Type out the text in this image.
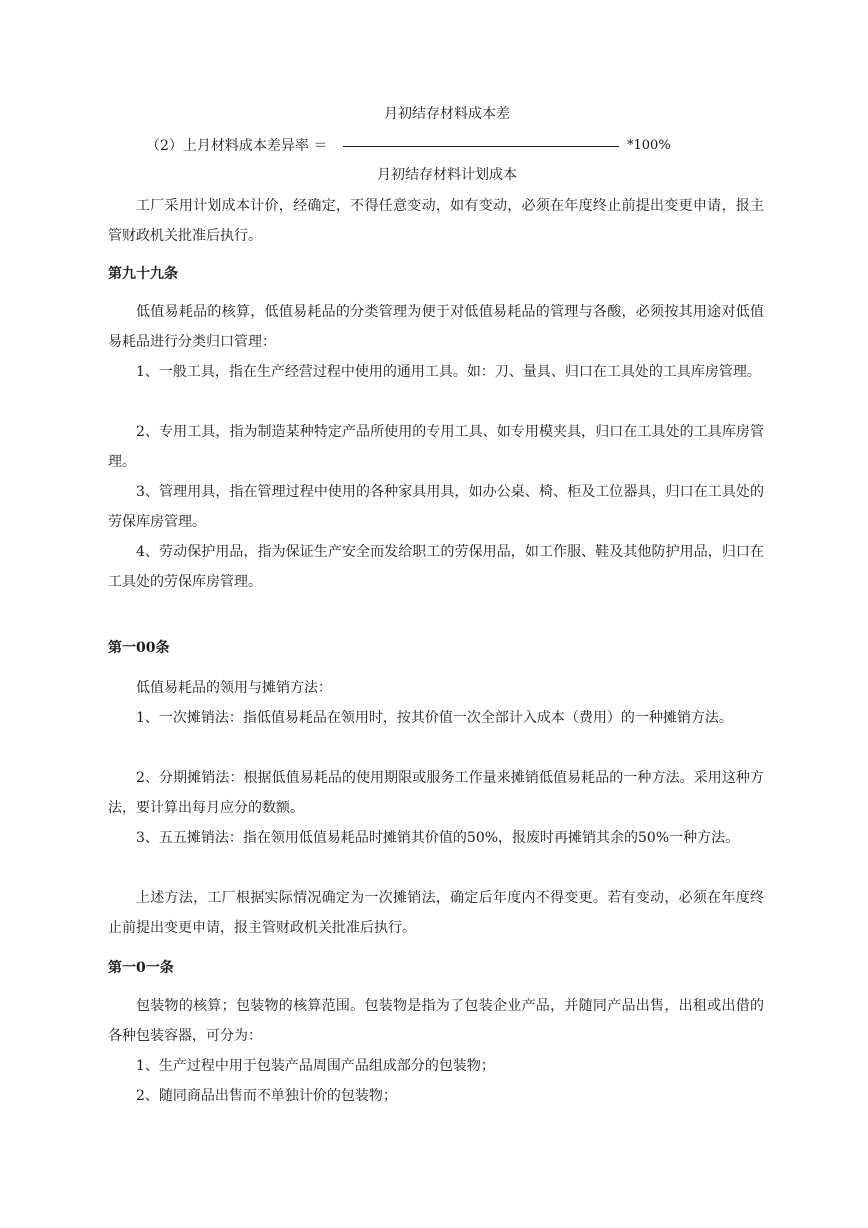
月初结存材料成本差
（2）上月材料成本差异率 ＝	*100%
月初结存材料计划成本

工厂采用计划成本计价，经确定，不得任意变动，如有变动，必须在年度终止前提出变更申请，报主管财政机关批准后执行。

第九十九条

低值易耗品的核算，低值易耗品的分类管理为便于对低值易耗品的管理与各酸，必须按其用途对低值易耗品进行分类归口管理：

1、一般工具，指在生产经营过程中使用的通用工具。如：刀、量具、归口在工具处的工具库房管理。

2、专用工具，指为制造某种特定产品所使用的专用工具、如专用模夹具，归口在工具处的工具库房管理。

3、管理用具，指在管理过程中使用的各种家具用具，如办公桌、椅、柜及工位器具，归口在工具处的劳保库房管理。

4、劳动保护用品，指为保证生产安全而发给职工的劳保用品，如工作服、鞋及其他防护用品，归口在工具处的劳保库房管理。

第一00条

低值易耗品的领用与摊销方法：

1、一次摊销法：指低值易耗品在领用时，按其价值一次全部计入成本（费用）的一种摊销方法。

2、分期摊销法：根据低值易耗品的使用期限或服务工作量来摊销低值易耗品的一种方法。采用这种方法，要计算出每月应分的数额。

3、五五摊销法：指在领用低值易耗品时摊销其价值的50%，报废时再摊销其余的50%一种方法。

上述方法，工厂根据实际情况确定为一次摊销法，确定后年度内不得变更。若有变动，必须在年度终止前提出变更申请，报主管财政机关批准后执行。

第一0一条

包装物的核算；包装物的核算范围。包装物是指为了包装企业产品，并随同产品出售，出租或出借的各种包装容器，可分为：

1、生产过程中用于包装产品周围产品组成部分的包装物；

2、随同商品出售而不单独计价的包装物；
